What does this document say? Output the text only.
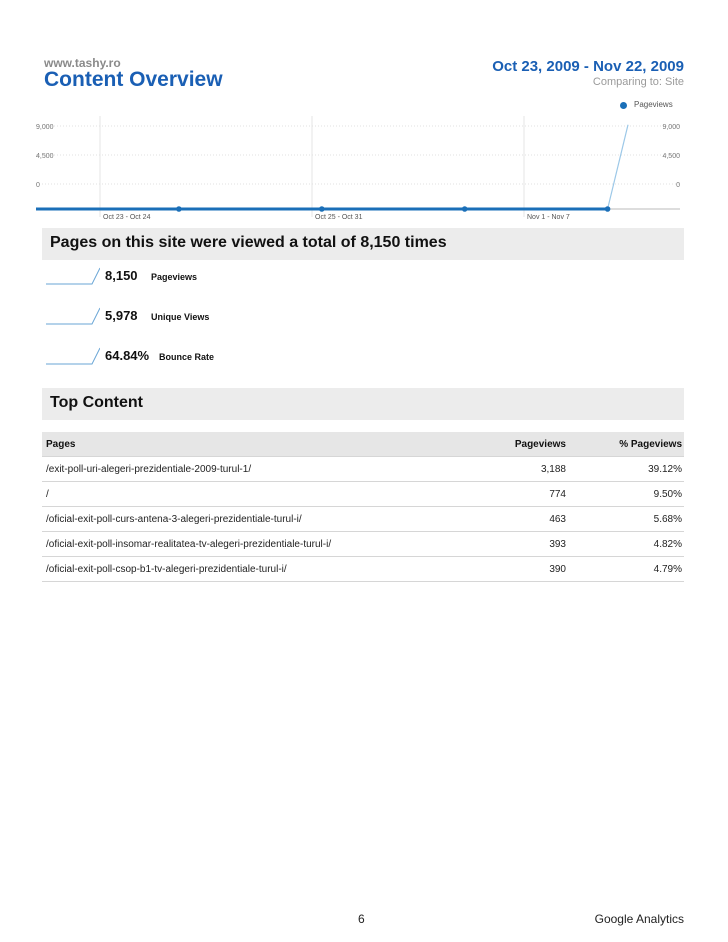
www.tashy.ro
Content Overview
Oct 23, 2009 - Nov 22, 2009
Comparing to: Site
Pageviews
9,000	9,000
4,500	4,500
0	0
Oct 23 - Oct 24	Oct 25 - Oct 31	Nov 1 - Nov 7
Pages on this site were viewed a total of 8,150 times
8,150 Pageviews
5,978 Unique Views
64.84% Bounce Rate
Top Content
Pages	Pageviews	% Pageviews
/exit-poll-uri-alegeri-prezidentiale-2009-turul-1/	3,188	39.12%
/	774	9.50%
/oficial-exit-poll-curs-antena-3-alegeri-prezidentiale-turul-i/	463	5.68%
/oficial-exit-poll-insomar-realitatea-tv-alegeri-prezidentiale-turul-i/	393	4.82%
/oficial-exit-poll-csop-b1-tv-alegeri-prezidentiale-turul-i/	390	4.79%
6	Google Analytics
